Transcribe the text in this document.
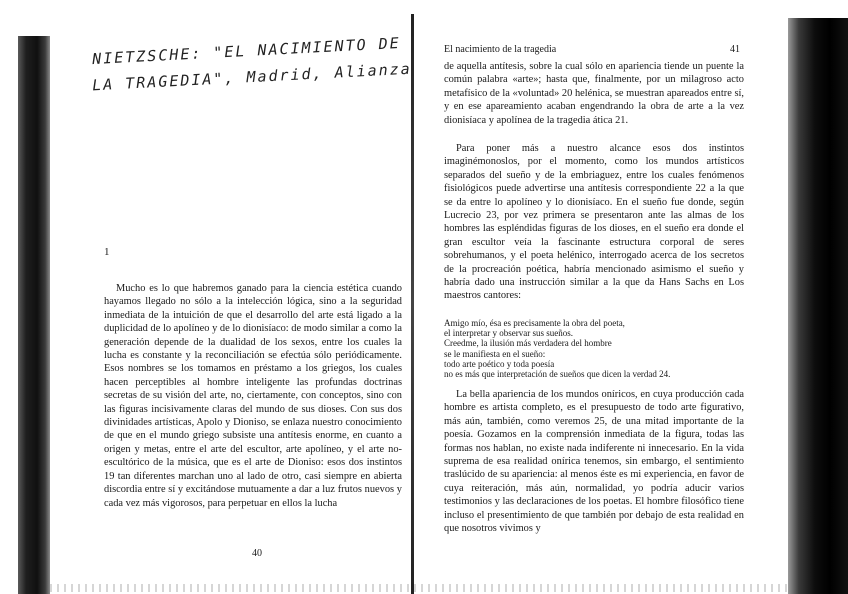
NIETZSCHE: "EL NACIMIENTO DE
LA TRAGEDIA", Madrid, Alianza
1

Mucho es lo que habremos ganado para la ciencia estética cuando hayamos llegado no sólo a la intelección lógica, sino a la seguridad inmediata de la intuición de que el desarrollo del arte está ligado a la duplicidad de lo apolíneo y de lo dionisíaco: de modo similar a como la generación depende de la dualidad de los sexos, entre los cuales la lucha es constante y la reconciliación se efectúa sólo periódicamente. Esos nombres se los tomamos en préstamo a los griegos, los cuales hacen perceptibles al hombre inteligente las profundas doctrinas secretas de su visión del arte, no, ciertamente, con conceptos, sino con las figuras incisivamente claras del mundo de sus dioses. Con sus dos divinidades artísticas, Apolo y Dioniso, se enlaza nuestro conocimiento de que en el mundo griego subsiste una antítesis enorme, en cuanto a origen y metas, entre el arte del escultor, arte apolíneo, y el arte no-escultórico de la música, que es el arte de Dioniso: esos dos instintos 19 tan diferentes marchan uno al lado de otro, casi siempre en abierta discordia entre sí y excitándose mutuamente a dar a luz frutos nuevos y cada vez más vigorosos, para perpetuar en ellos la lucha

40
El nacimiento de la tragedia	41

de aquella antítesis, sobre la cual sólo en apariencia tiende un puente la común palabra «arte»; hasta que, finalmente, por un milagroso acto metafísico de la «voluntad» 20 helénica, se muestran apareados entre sí, y en ese apareamiento acaban engendrando la obra de arte a la vez dionisíaca y apolínea de la tragedia ática 21.

Para poner más a nuestro alcance esos dos instintos imaginémonoslos, por el momento, como los mundos artísticos separados del sueño y de la embriaguez, entre los cuales fenómenos fisiológicos puede advertirse una antítesis correspondiente 22 a la que se da entre lo apolíneo y lo dionisíaco. En el sueño fue donde, según Lucrecio 23, por vez primera se presentaron ante las almas de los hombres las espléndidas figuras de los dioses, en el sueño era donde el gran escultor veía la fascinante estructura corporal de seres sobrehumanos, y el poeta helénico, interrogado acerca de los secretos de la procreación poética, habría mencionado asimismo el sueño y habría dado una instrucción similar a la que da Hans Sachs en Los maestros cantores:

Amigo mío, ésa es precisamente la obra del poeta,
el interpretar y observar sus sueños.
Creedme, la ilusión más verdadera del hombre
se le manifiesta en el sueño:
todo arte poético y toda poesía
no es más que interpretación de sueños que dicen la verdad 24.

La bella apariencia de los mundos oníricos, en cuya producción cada hombre es artista completo, es el presupuesto de todo arte figurativo, más aún, también, como veremos 25, de una mitad importante de la poesía. Gozamos en la comprensión inmediata de la figura, todas las formas nos hablan, no existe nada indiferente ni innecesario. En la vida suprema de esa realidad onírica tenemos, sin embargo, el sentimiento traslúcido de su apariencia: al menos éste es mi experiencia, en favor de cuya reiteración, más aún, normalidad, yo podría aducir varios testimonios y las declaraciones de los poetas. El hombre filosófico tiene incluso el presentimiento de que también por debajo de esta realidad en que nosotros vivimos y
